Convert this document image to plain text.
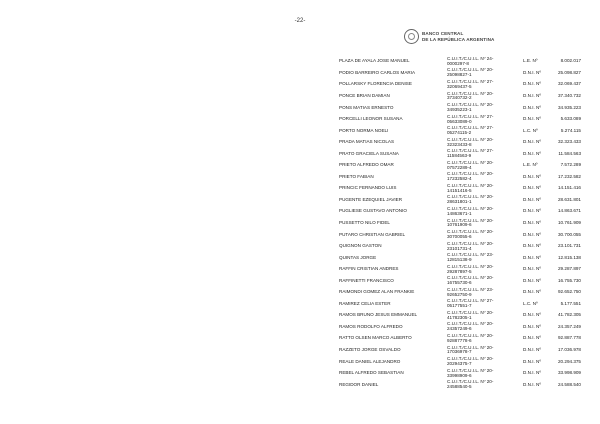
-22-
BANCO CENTRAL
DE LA REPÚBLICA ARGENTINA
PLAZA DE AYALA JOSE MANUEL	C.U.I.T./C.U.I.L. Nº 24-
0000297-8	L.E. Nº	8.002.017
PODIO BARREIRO CARLOS MARIA	C.U.I.T./C.U.I.L. Nº 20-
25098827-1	D.N.I. Nº	25.098.827
POLLARSKY FLORENCIA DENISE	C.U.I.T./C.U.I.L. Nº 27-
32069437-5	D.N.I. Nº	32.069.437
PONCE BRIAN DAMIAN	C.U.I.T./C.U.I.L. Nº 20-
37340732-2	D.N.I. Nº	37.340.732
PONS MATIAS ERNESTO	C.U.I.T./C.U.I.L. Nº 20-
34935223-1	D.N.I. Nº	34.935.223
PORCELLI LEONOR SUSANA	C.U.I.T./C.U.I.L. Nº 27-
05633089-0	D.N.I. Nº	5.633.089
PORTO NORMA NOELI	C.U.I.T./C.U.I.L. Nº 27-
05274115-2	L.C. Nº	5.274.115
PRADA MATIAS NICOLAS	C.U.I.T./C.U.I.L. Nº 20-
32323433-8	D.N.I. Nº	32.323.433
PRATO GRACIELA SUSANA	C.U.I.T./C.U.I.L. Nº 27-
11584563-9	D.N.I. Nº	11.584.563
PRIETO ALFREDO OMAR	C.U.I.T./C.U.I.L. Nº 20-
07572289-4	L.E. Nº	7.572.289
PRIETO FABIAN	C.U.I.T./C.U.I.L. Nº 20-
17232582-4	D.N.I. Nº	17.232.582
PRINCIC FERNANDO LUIS	C.U.I.T./C.U.I.L. Nº 20-
14151416-5	D.N.I. Nº	14.151.416
PUGENTE EZEQUIEL JAVIER	C.U.I.T./C.U.I.L. Nº 20-
28631801-1	D.N.I. Nº	28.631.801
PUGLIESE GUSTAVO ANTONIO	C.U.I.T./C.U.I.L. Nº 20-
14863671-1	D.N.I. Nº	14.863.671
PUSSETTO NILO FIDEL	C.U.I.T./C.U.I.L. Nº 20-
10761909-6	D.N.I. Nº	10.761.909
PUTARO CHRISTIAN GABRIEL	C.U.I.T./C.U.I.L. Nº 20-
30700055-6	D.N.I. Nº	30.700.055
QUIGNON GASTON	C.U.I.T./C.U.I.L. Nº 20-
23101731-4	D.N.I. Nº	23.101.731
QUINTAS JORGE	C.U.I.T./C.U.I.L. Nº 23-
12815138-9	D.N.I. Nº	12.815.138
RAFFIN CRISTIAN ANDRES	C.U.I.T./C.U.I.L. Nº 20-
29287897-5	D.N.I. Nº	29.287.897
RAFFINETTI FRANCISCO	C.U.I.T./C.U.I.L. Nº 20-
16755730-6	D.N.I. Nº	16.755.730
RAIMONDI GOMEZ ALAN FRANKIE	C.U.I.T./C.U.I.L. Nº 23-
92652750-9	D.N.I. Nº	92.652.750
RAMIREZ CELIA ESTER	C.U.I.T./C.U.I.L. Nº 27-
05177551-7	L.C. Nº	5.177.551
RAMOS BRUNO JESUS EMMANUEL	C.U.I.T./C.U.I.L. Nº 20-
41782305-1	D.N.I. Nº	41.782.305
RAMOS RODOLFO ALFREDO	C.U.I.T./C.U.I.L. Nº 20-
24357249-6	D.N.I. Nº	24.357.249
RATTO OLSEN MARCO ALBERTO	C.U.I.T./C.U.I.L. Nº 20-
92887778-6	D.N.I. Nº	92.887.778
RAZZETO JORGE OSVALDO	C.U.I.T./C.U.I.L. Nº 20-
17036978-7	D.N.I. Nº	17.036.978
REALE DANIEL ALEJANDRO	C.U.I.T./C.U.I.L. Nº 20-
20294375-7	D.N.I. Nº	20.294.375
REBEL ALFREDO SEBASTIAN	C.U.I.T./C.U.I.L. Nº 20-
33998909-6	D.N.I. Nº	33.998.909
REGIDOR DANIEL	C.U.I.T./C.U.I.L. Nº 20-
24588540-5	D.N.I. Nº	24.588.540
